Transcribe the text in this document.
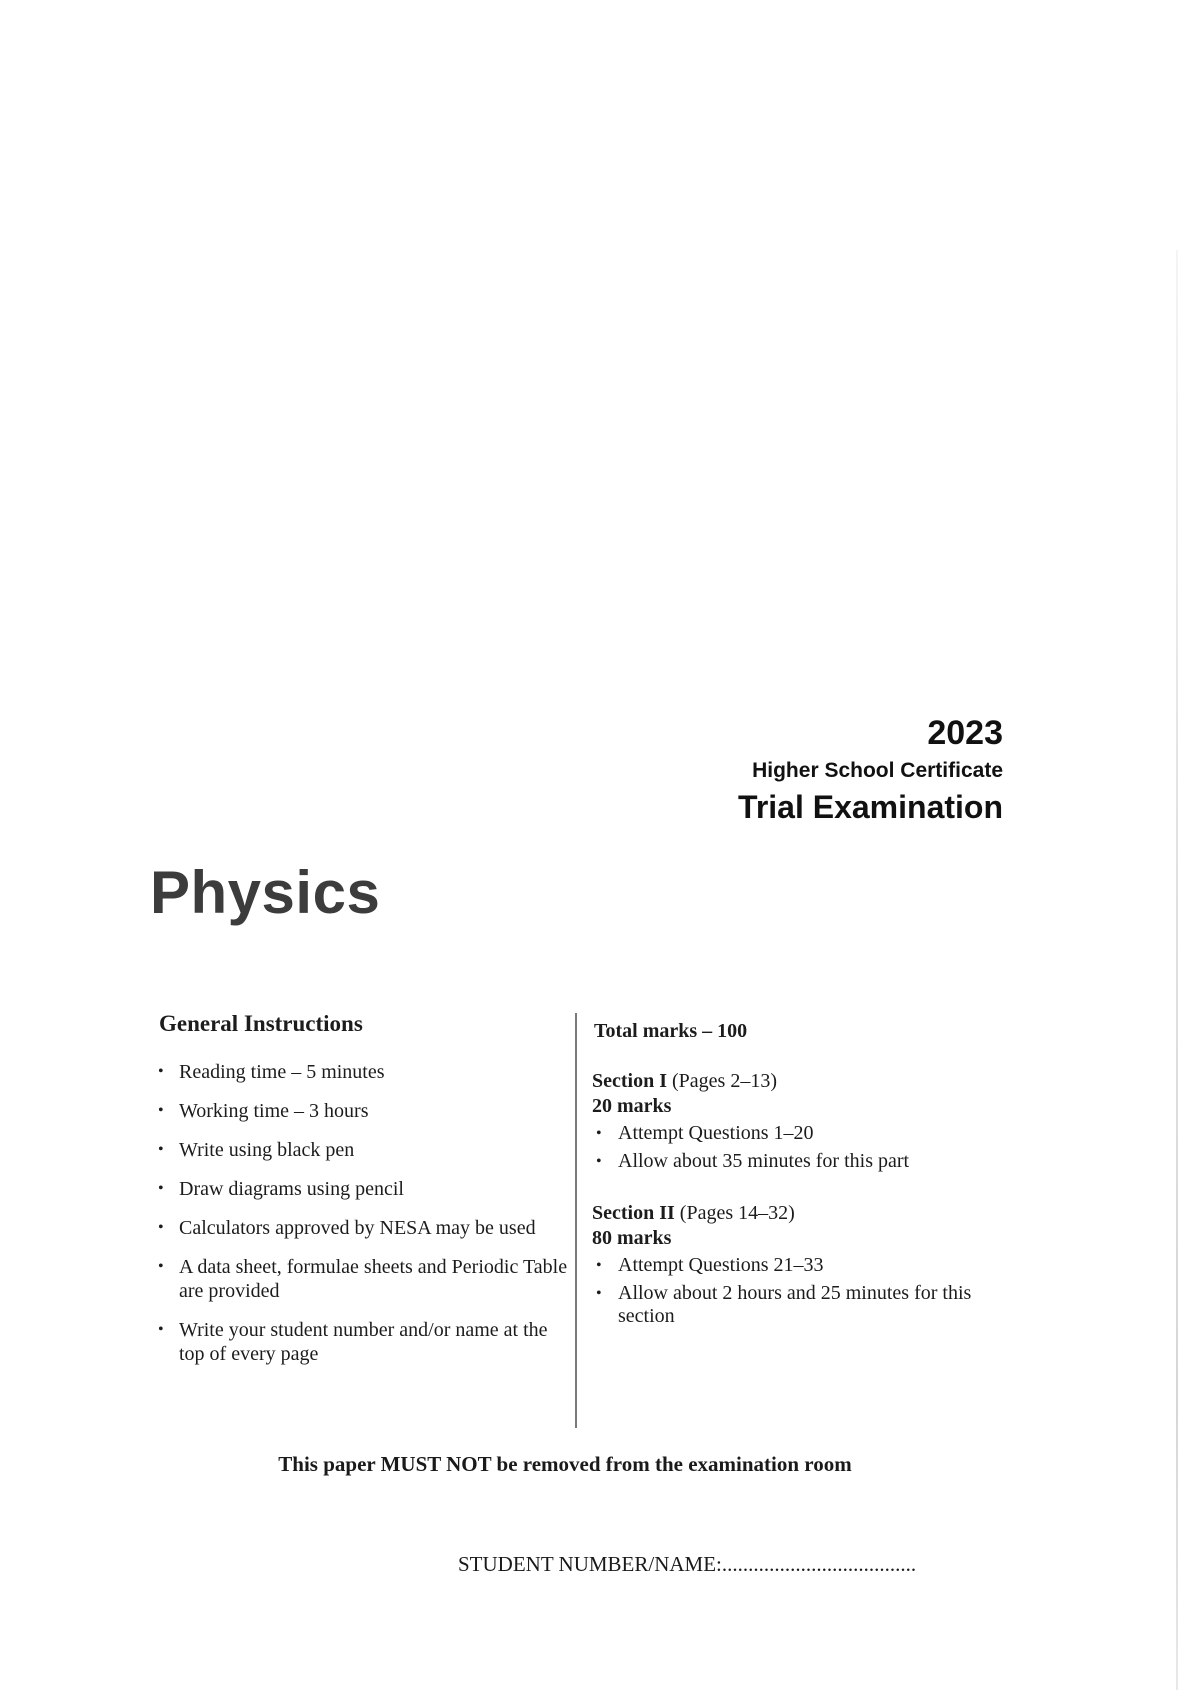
2023
Higher School Certificate
Trial Examination
Physics
General Instructions
• Reading time – 5 minutes
• Working time – 3 hours
• Write using black pen
• Draw diagrams using pencil
• Calculators approved by NESA may be used
• A data sheet, formulae sheets and Periodic Table are provided
• Write your student number and/or name at the top of every page
Total marks – 100
Section I (Pages 2–13)
20 marks
• Attempt Questions 1–20
• Allow about 35 minutes for this part
Section II (Pages 14–32)
80 marks
• Attempt Questions 21–33
• Allow about 2 hours and 25 minutes for this section
This paper MUST NOT be removed from the examination room
STUDENT NUMBER/NAME:.....................................
